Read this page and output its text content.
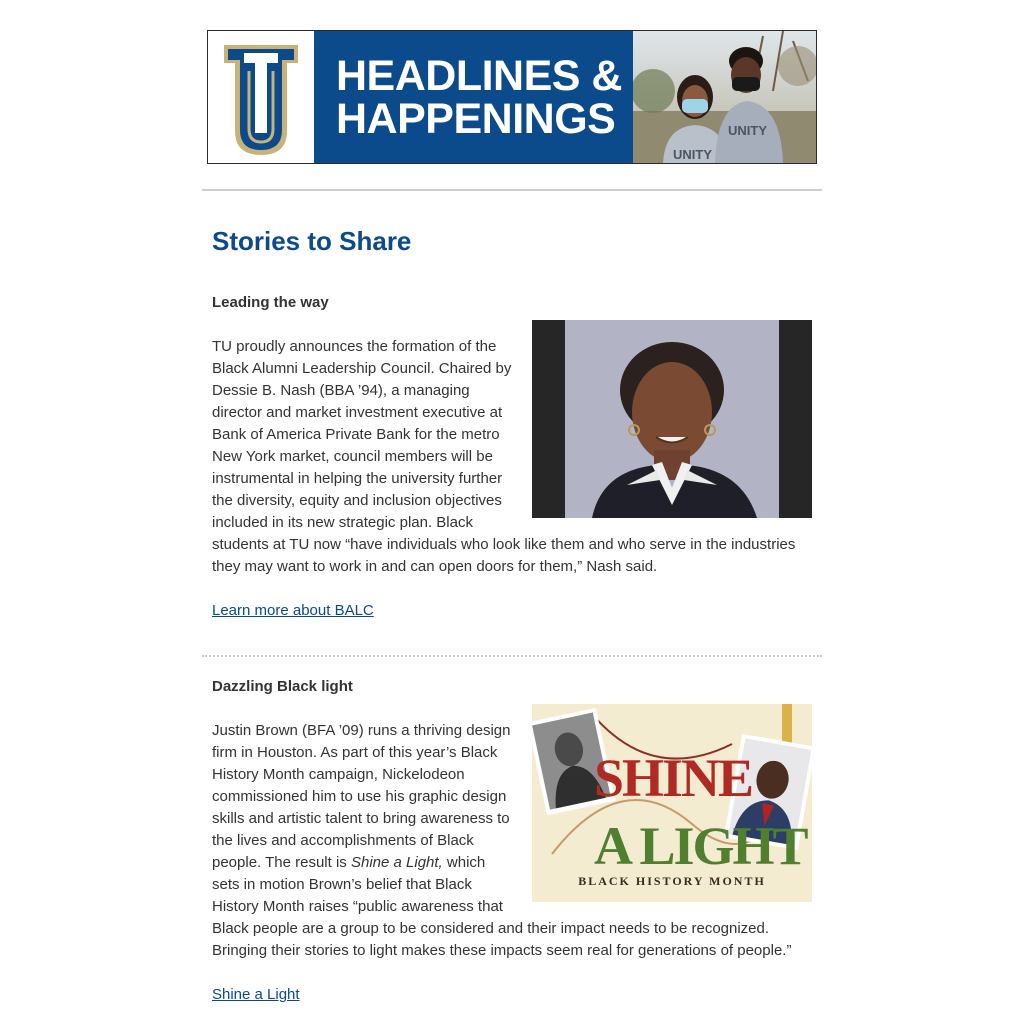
HEADLINES &
HAPPENINGS
UNITY
UNITY
Stories to Share
Leading the way
TU proudly announces the formation of the Black Alumni Leadership Council. Chaired by Dessie B. Nash (BBA ’94), a managing director and market investment executive at Bank of America Private Bank for the metro New York market, council members will be instrumental in helping the university further the diversity, equity and inclusion objectives included in its new strategic plan. Black students at TU now “have individuals who look like them and who serve in the industries they may want to work in and can open doors for them,” Nash said.
Learn more about BALC
Dazzling Black light
SHINE
A LIGHT
BLACK HISTORY MONTH
Justin Brown (BFA ’09) runs a thriving design firm in Houston. As part of this year’s Black History Month campaign, Nickelodeon commissioned him to use his graphic design skills and artistic talent to bring awareness to the lives and accomplishments of Black people. The result is Shine a Light, which sets in motion Brown’s belief that Black History Month raises “public awareness that Black people are a group to be considered and their impact needs to be recognized. Bringing their stories to light makes these impacts seem real for generations of people.”
Shine a Light
